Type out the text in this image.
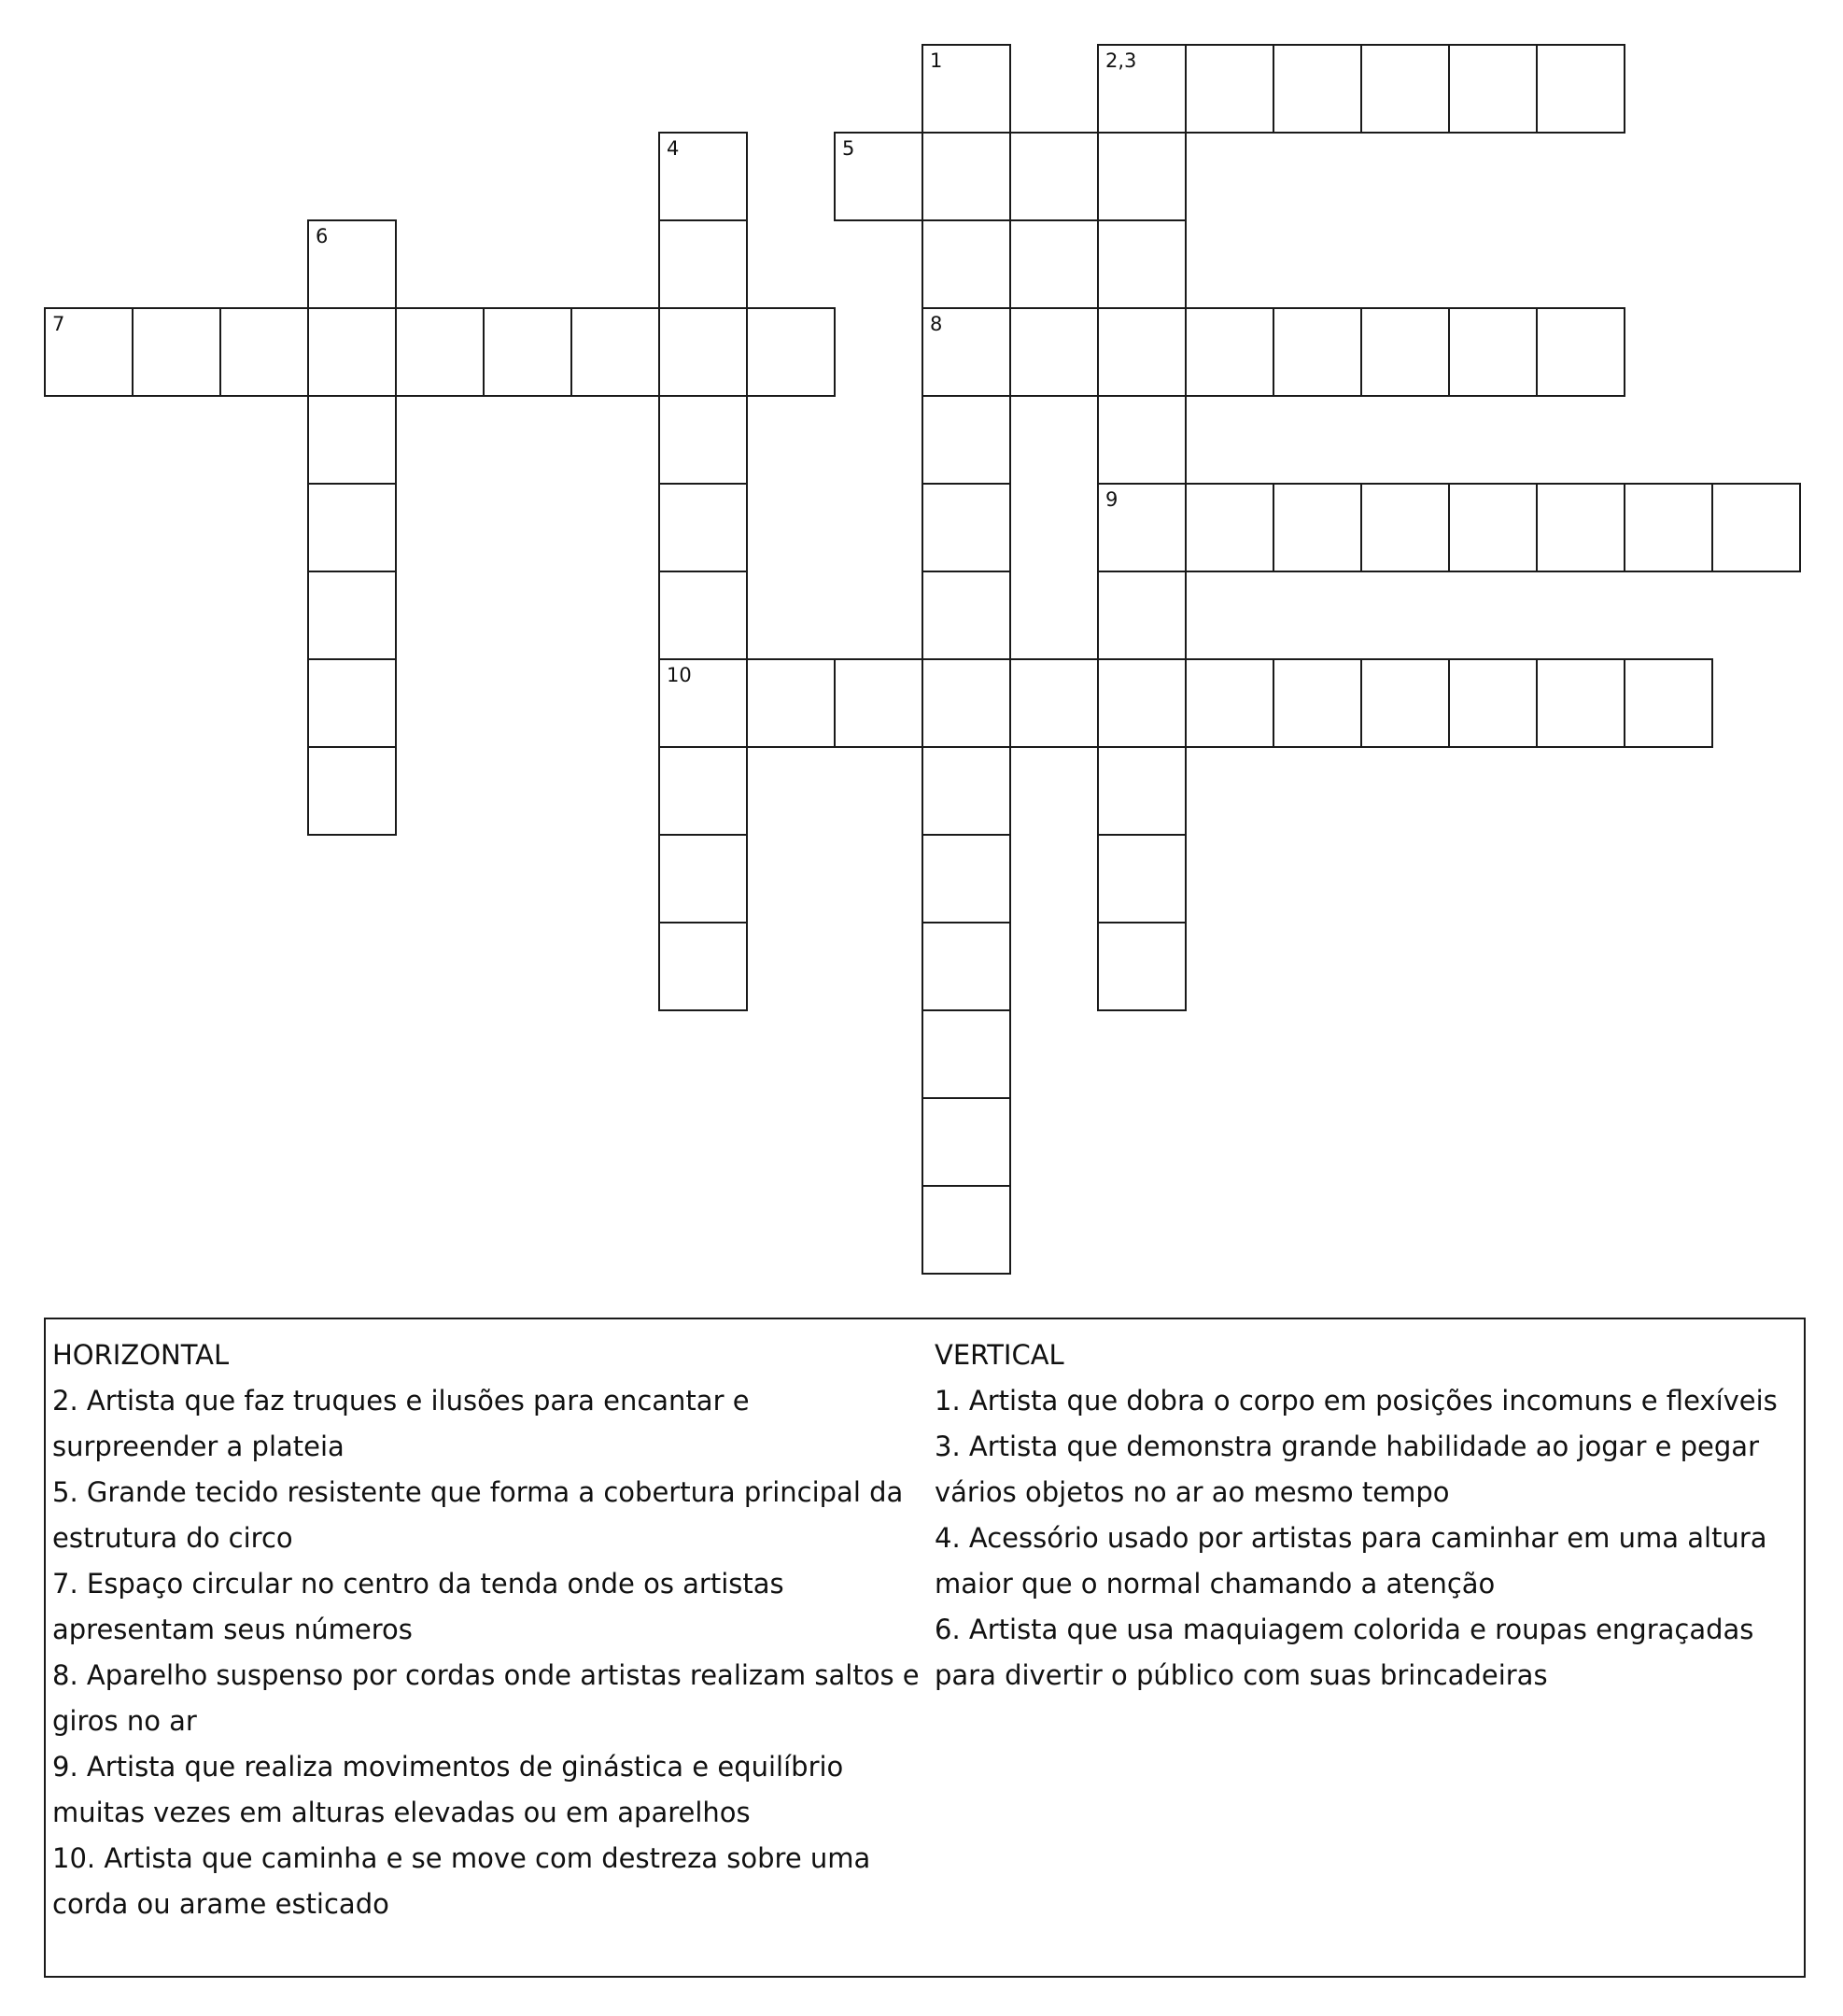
2,3
5
7	8
9
10
1
4
6

HORIZONTAL

2. Artista que faz truques e ilusões para encantar e surpreender a plateia

5. Grande tecido resistente que forma a cobertura principal da estrutura do circo

7. Espaço circular no centro da tenda onde os artistas apresentam seus números

8. Aparelho suspenso por cordas onde artistas realizam saltos e giros no ar

9. Artista que realiza movimentos de ginástica e equilíbrio muitas vezes em alturas elevadas ou em aparelhos

10. Artista que caminha e se move com destreza sobre uma corda ou arame esticado

VERTICAL

1. Artista que dobra o corpo em posições incomuns e flexíveis

3. Artista que demonstra grande habilidade ao jogar e pegar vários objetos no ar ao mesmo tempo

4. Acessório usado por artistas para caminhar em uma altura maior que o normal chamando a atenção

6. Artista que usa maquiagem colorida e roupas engraçadas para divertir o público com suas brincadeiras
